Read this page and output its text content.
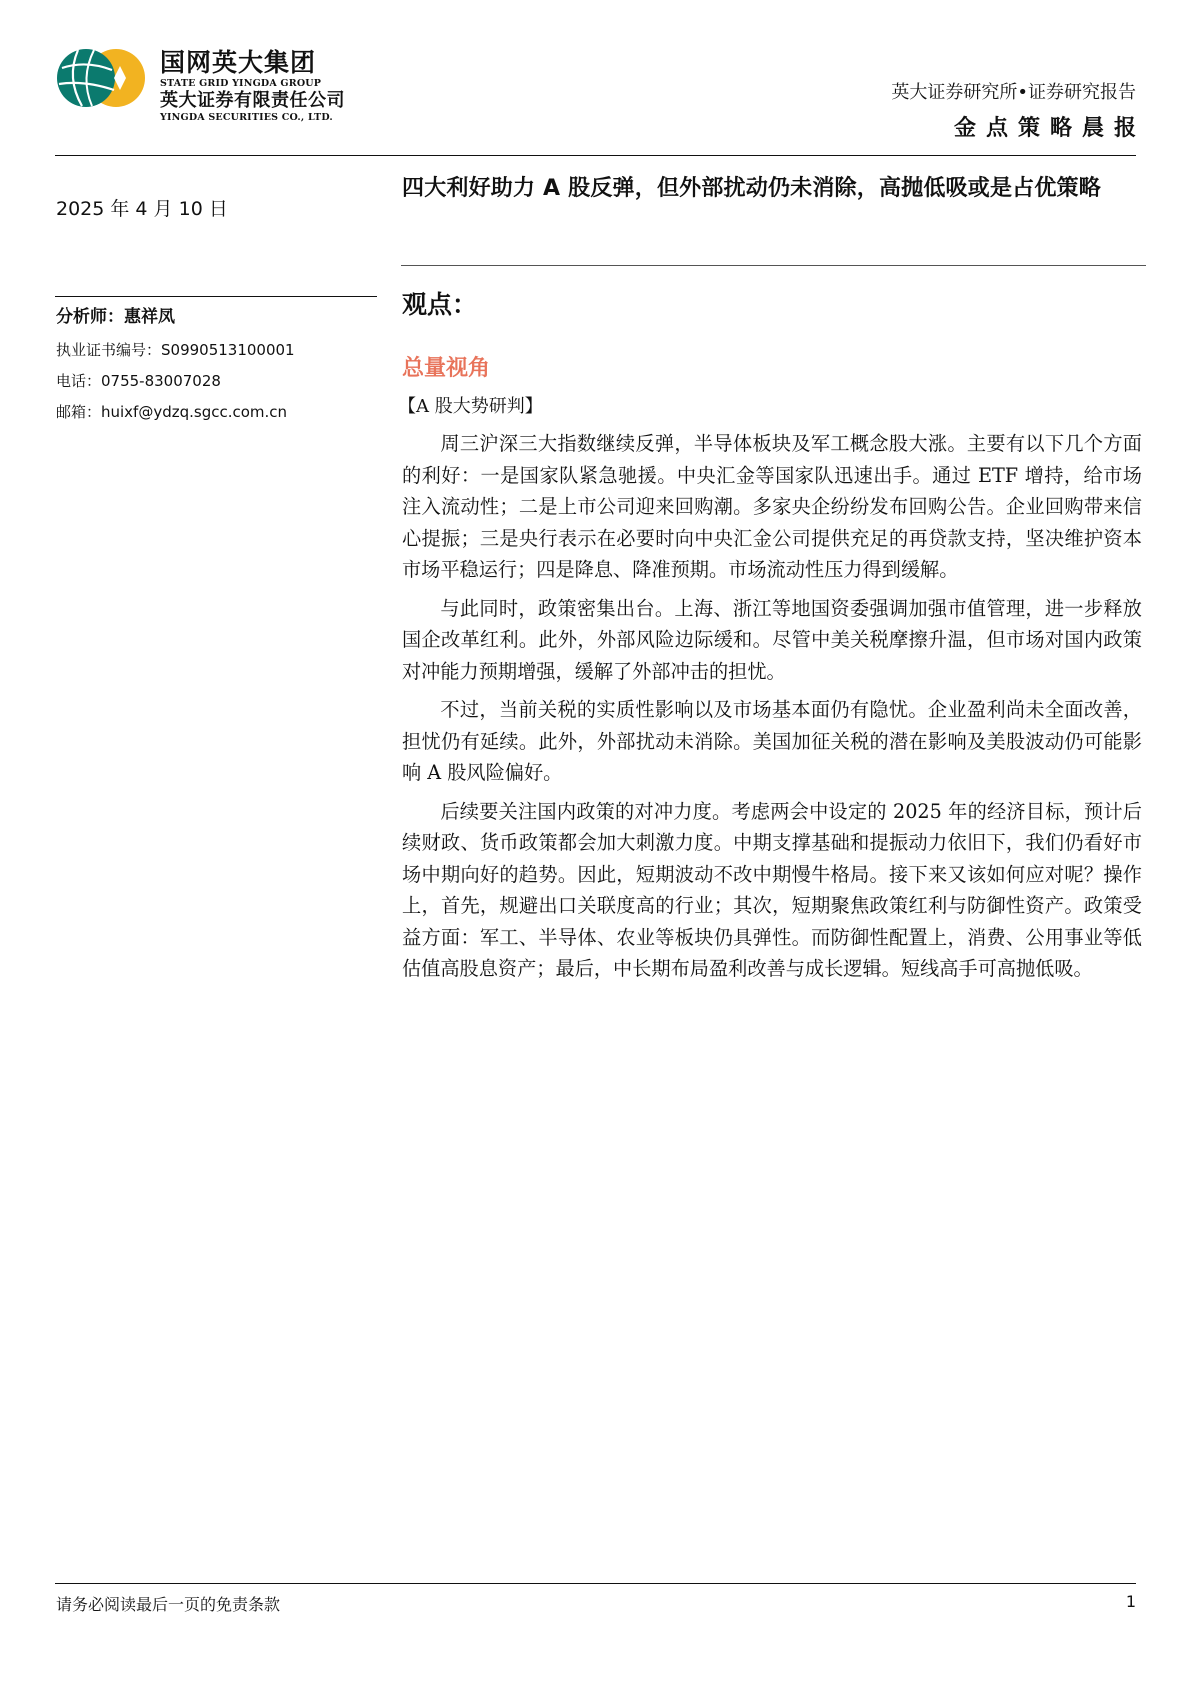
国网英大集团
STATE GRID YINGDA GROUP
英大证券有限责任公司
YINGDA SECURITIES CO., LTD.
英大证券研究所•证券研究报告
金点策略晨报
2025 年 4 月 10 日
分析师：惠祥凤
执业证书编号：S0990513100001
电话：0755-83007028
邮箱：huixf@ydzq.sgcc.com.cn
四大利好助力 A 股反弹，但外部扰动仍未消除，高抛低吸或是占优策略
观点：
总量视角
【A 股大势研判】

周三沪深三大指数继续反弹，半导体板块及军工概念股大涨。主要有以下几个方面的利好：一是国家队紧急驰援。中央汇金等国家队迅速出手。通过 ETF 增持，给市场注入流动性；二是上市公司迎来回购潮。多家央企纷纷发布回购公告。企业回购带来信心提振；三是央行表示在必要时向中央汇金公司提供充足的再贷款支持，坚决维护资本市场平稳运行；四是降息、降准预期。市场流动性压力得到缓解。

与此同时，政策密集出台。上海、浙江等地国资委强调加强市值管理，进一步释放国企改革红利。此外，外部风险边际缓和。尽管中美关税摩擦升温，但市场对国内政策对冲能力预期增强，缓解了外部冲击的担忧。

不过，当前关税的实质性影响以及市场基本面仍有隐忧。企业盈利尚未全面改善，担忧仍有延续。此外，外部扰动未消除。美国加征关税的潜在影响及美股波动仍可能影响 A 股风险偏好。

后续要关注国内政策的对冲力度。考虑两会中设定的 2025 年的经济目标，预计后续财政、货币政策都会加大刺激力度。中期支撑基础和提振动力依旧下，我们仍看好市场中期向好的趋势。因此，短期波动不改中期慢牛格局。接下来又该如何应对呢？操作上，首先，规避出口关联度高的行业；其次，短期聚焦政策红利与防御性资产。政策受益方面：军工、半导体、农业等板块仍具弹性。而防御性配置上，消费、公用事业等低估值高股息资产；最后，中长期布局盈利改善与成长逻辑。短线高手可高抛低吸。

请务必阅读最后一页的免责条款	1
